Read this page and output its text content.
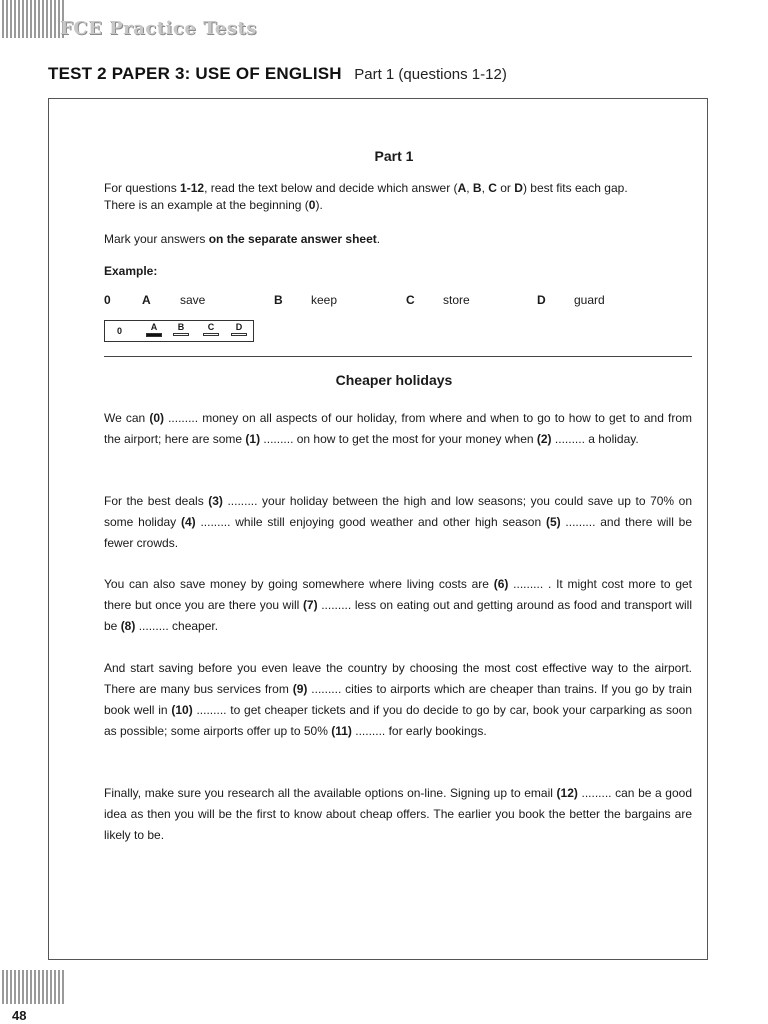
FCE Practice Tests
TEST 2 PAPER 3: USE OF ENGLISH Part 1 (questions 1-12)
Part 1

For questions 1-12, read the text below and decide which answer (A, B, C or D) best fits each gap.
There is an example at the beginning (0).

Mark your answers on the separate answer sheet.

Example:

0	A save	B keep	C store	D guard
0	A	B	C	D
Cheaper holidays

We can (0) ......... money on all aspects of our holiday, from where and when to go to how to get to and from the airport; here are some (1) ......... on how to get the most for your money when (2) ......... a holiday.

For the best deals (3) ......... your holiday between the high and low seasons; you could save up to 70% on some holiday (4) ......... while still enjoying good weather and other high season (5) ......... and there will be fewer crowds.

You can also save money by going somewhere where living costs are (6) ......... . It might cost more to get there but once you are there you will (7) ......... less on eating out and getting around as food and transport will be (8) ......... cheaper.

And start saving before you even leave the country by choosing the most cost effective way to the airport. There are many bus services from (9) ......... cities to airports which are cheaper than trains. If you go by train book well in (10) ......... to get cheaper tickets and if you do decide to go by car, book your carparking as soon as possible; some airports offer up to 50% (11) ......... for early bookings.

Finally, make sure you research all the available options on-line. Signing up to email (12) ......... can be a good idea as then you will be the first to know about cheap offers. The earlier you book the better the bargains are likely to be.

48
